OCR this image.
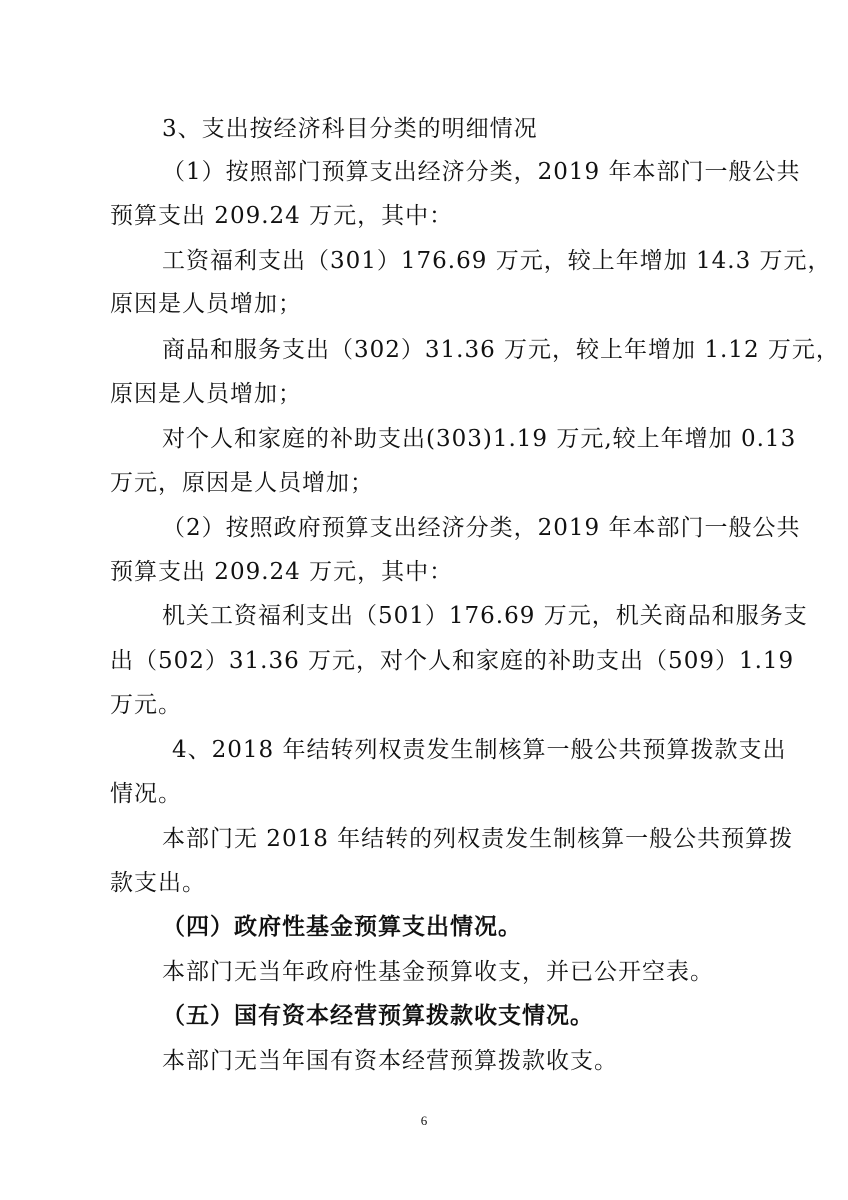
3、支出按经济科目分类的明细情况
（1）按照部门预算支出经济分类，2019 年本部门一般公共
预算支出 209.24 万元，其中：
工资福利支出（301）176.69 万元，较上年增加 14.3 万元，
原因是人员增加；
商品和服务支出（302）31.36 万元，较上年增加 1.12 万元，
原因是人员增加；
对个人和家庭的补助支出(303)1.19 万元,较上年增加 0.13
万元，原因是人员增加；
（2）按照政府预算支出经济分类，2019 年本部门一般公共
预算支出 209.24 万元，其中：
机关工资福利支出（501）176.69 万元，机关商品和服务支
出（502）31.36 万元，对个人和家庭的补助支出（509）1.19
万元。
4、2018 年结转列权责发生制核算一般公共预算拨款支出
情况。
本部门无 2018 年结转的列权责发生制核算一般公共预算拨
款支出。
（四）政府性基金预算支出情况。
本部门无当年政府性基金预算收支，并已公开空表。
（五）国有资本经营预算拨款收支情况。
本部门无当年国有资本经营预算拨款收支。
6
